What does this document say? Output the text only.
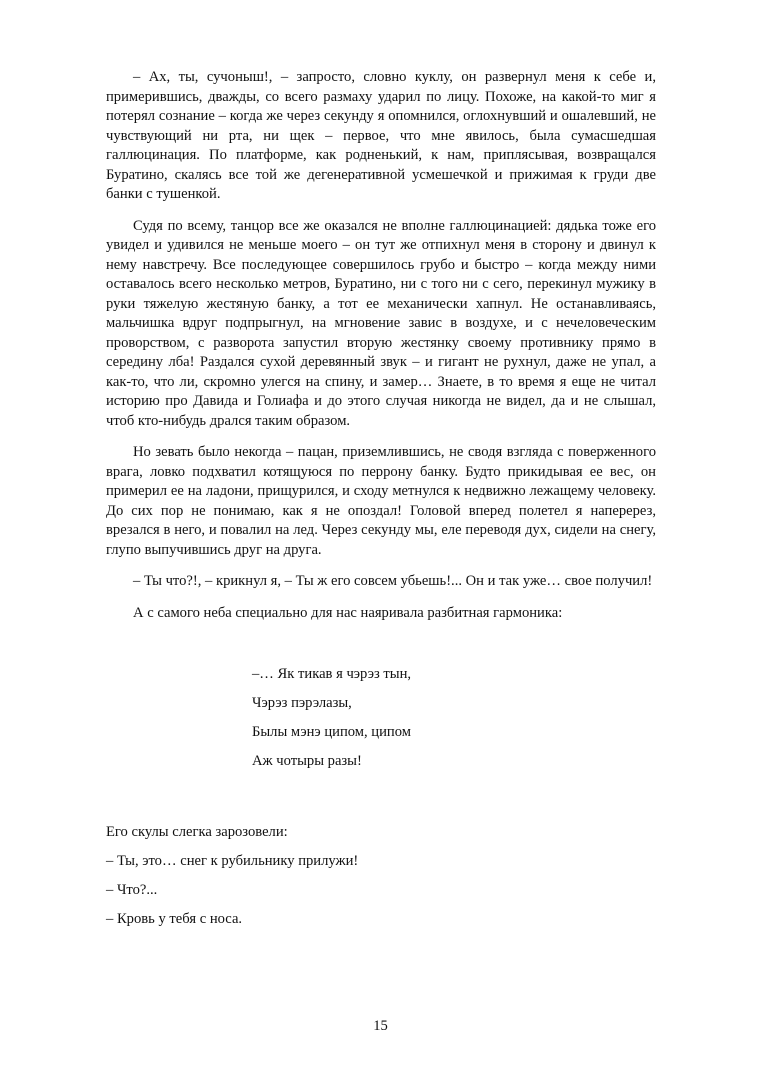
– Ах, ты, сучоныш!, – запросто, словно куклу, он развернул меня к себе и, примерившись, дважды, со всего размаху ударил по лицу. Похоже, на какой-то миг я потерял сознание – когда же через секунду я опомнился, оглохнувший и ошалевший, не чувствующий ни рта, ни щек – первое, что мне явилось, была сумасшедшая галлюцинация. По платформе, как родненький, к нам, приплясывая, возвращался Буратино, скалясь все той же дегенеративной усмешечкой и прижимая к груди две банки с тушенкой.

Судя по всему, танцор все же оказался не вполне галлюцинацией: дядька тоже его увидел и удивился не меньше моего – он тут же отпихнул меня в сторону и двинул к нему навстречу. Все последующее совершилось грубо и быстро – когда между ними оставалось всего несколько метров, Буратино, ни с того ни с сего, перекинул мужику в руки тяжелую жестяную банку, а тот ее механически хапнул. Не останавливаясь, мальчишка вдруг подпрыгнул, на мгновение завис в воздухе, и с нечеловеческим проворством, с разворота запустил вторую жестянку своему противнику прямо в середину лба! Раздался сухой деревянный звук – и гигант не рухнул, даже не упал, а как-то, что ли, скромно улегся на спину, и замер… Знаете, в то время я еще не читал историю про Давида и Голиафа и до этого случая никогда не видел, да и не слышал, чтоб кто-нибудь дрался таким образом.

Но зевать было некогда – пацан, приземлившись, не сводя взгляда с поверженного врага, ловко подхватил котящуюся по перрону банку. Будто прикидывая ее вес, он примерил ее на ладони, прищурился, и сходу метнулся к недвижно лежащему человеку. До сих пор не понимаю, как я не опоздал! Головой вперед полетел я наперерез, врезался в него, и повалил на лед. Через секунду мы, еле переводя дух, сидели на снегу, глупо выпучившись друг на друга.

– Ты что?!, – крикнул я, – Ты ж его совсем убьешь!... Он и так уже… свое получил!

А с самого неба специально для нас наяривала разбитная гармоника:

–… Як тикав я чэрэз тын,
Чэрэз пэрэлазы,
Былы мэнэ ципом, ципом
Аж чотыры разы!
Его скулы слегка зарозовели:
– Ты, это… снег к рубильнику прилужи!
– Что?...
– Кровь у тебя с носа.
15
